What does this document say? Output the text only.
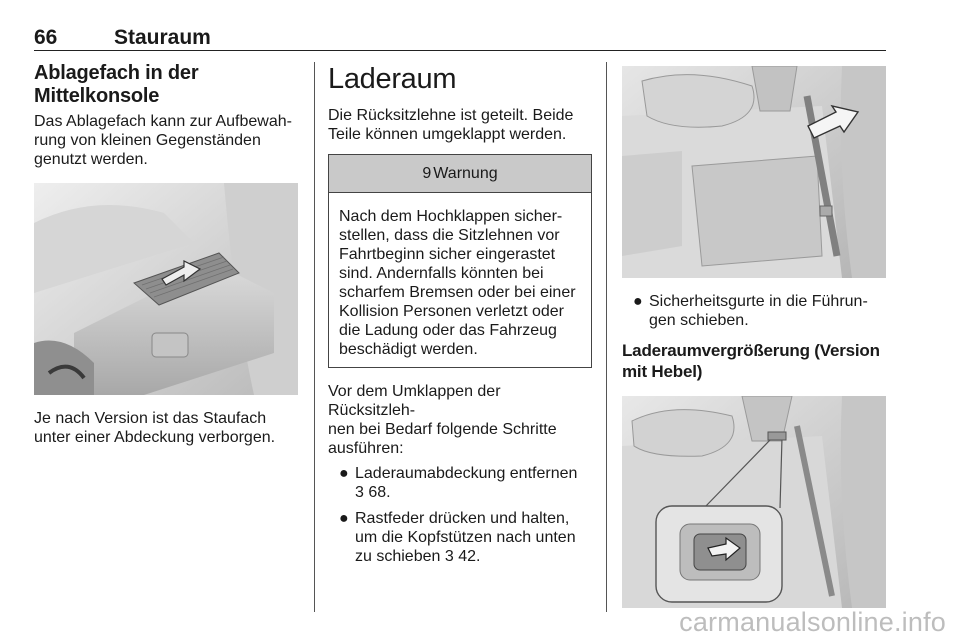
66	Stauraum
Ablagefach in der Mittelkonsole

Das Ablagefach kann zur Aufbewah-

rung von kleinen Gegenständen

genutzt werden.

Je nach Version ist das Staufach

unter einer Abdeckung verborgen.

Laderaum

Die Rücksitzlehne ist geteilt. Beide

Teile können umgeklappt werden.

9 Warnung
Nach dem Hochklappen sicher-
stellen, dass die Sitzlehnen vor
Fahrtbeginn sicher eingerastet
sind. Andernfalls könnten bei
scharfem Bremsen oder bei einer
Kollision Personen verletzt oder
die Ladung oder das Fahrzeug
beschädigt werden.

Vor dem Umklappen der Rücksitzleh-

nen bei Bedarf folgende Schritte

ausführen:

● Laderaumabdeckung entfernen
3 68.
● Rastfeder drücken und halten,
um die Kopfstützen nach unten
zu schieben 3 42.
● Sicherheitsgurte in die Führun-
gen schieben.
Laderaumvergrößerung (Version
mit Hebel)
carmanualsonline.info
